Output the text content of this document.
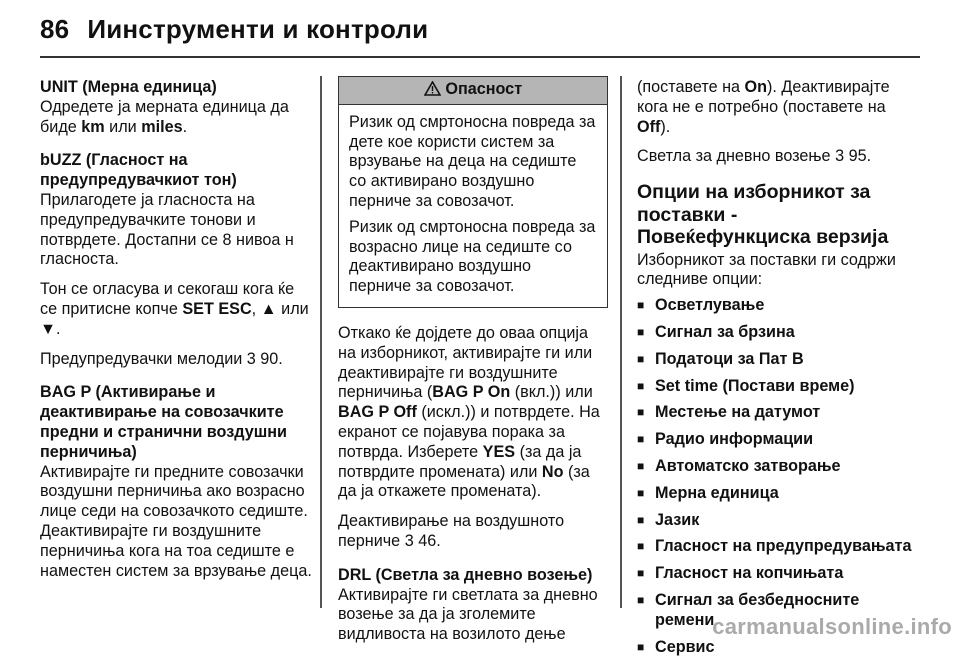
86 Иинструменти и контроли

UNIT (Мерна единица)
Одредете ја мерната единица да биде km или miles.

bUZZ (Гласност на предупредувачкиот тон)
Прилагодете ја гласноста на предупредувачките тонови и потврдете. Достапни се 8 нивоа н гласноста.

Тон се огласува и секогаш кога ќе се притисне копче SET ESC, ▲ или ▼.

Предупредувачки мелодии 3 90.

BAG P (Активирање и деактивирање на совозачките предни и странични воздушни перничиња)
Активирајте ги предните совозачки воздушни перничиња ако возрасно лице седи на совозачкото седиште. Деактивирајте ги воздушните перничиња кога на тоа седиште е наместен систем за врзување деца.

Опасност

Ризик од смртоносна повреда за дете кое користи систем за врзување на деца на седиште со активирано воздушно перниче за совозачот.

Ризик од смртоносна повреда за возрасно лице на седиште со деактивирано воздушно перниче за совозачот.

Откако ќе дојдете до оваа опција на изборникот, активирајте ги или деактивирајте ги воздушните перничиња (BAG P On (вкл.)) или BAG P Off (искл.)) и потврдете. На екранот се појавува порака за потврда. Изберете YES (за да ја потврдите промената) или No (за да ја откажете промената).

Деактивирање на воздушното перниче 3 46.

DRL (Светла за дневно возење)
Активирајте ги светлата за дневно возење за да ја зголемите видливоста на возилото дење

(поставете на On). Деактивирајте кога не е потребно (поставете на Off).

Светла за дневно возење 3 95.

Опции на изборникот за поставки - Повеќефункциска верзија

Изборникот за поставки ги содржи следниве опции:

■ Осветлување
■ Сигнал за брзина
■ Податоци за Пат B
■ Set time (Постави време)
■ Местење на датумот
■ Радио информации
■ Автоматско затворање
■ Мерна единица
■ Јазик
■ Гласност на предупредувањата
■ Гласност на копчињата
■ Сигнал за безбедносните ремени
■ Сервис
carmanualsonline.info
